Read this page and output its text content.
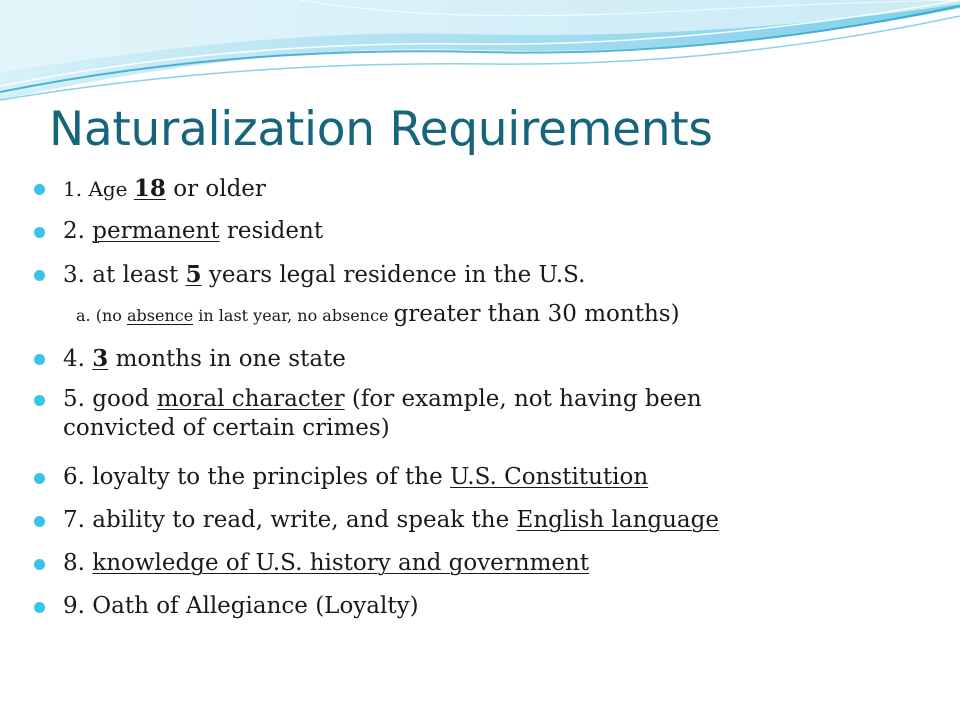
Naturalization Requirements
1. Age 18 or older
2. permanent resident
3. at least 5 years legal residence in the U.S.
a. (no absence in last year, no absence greater than 30 months)
4. 3 months in one state
5. good moral character (for example, not having been
convicted of certain crimes)
6. loyalty to the principles of the U.S. Constitution
7. ability to read, write, and speak the English language
8. knowledge of U.S. history and government
9. Oath of Allegiance (Loyalty)
